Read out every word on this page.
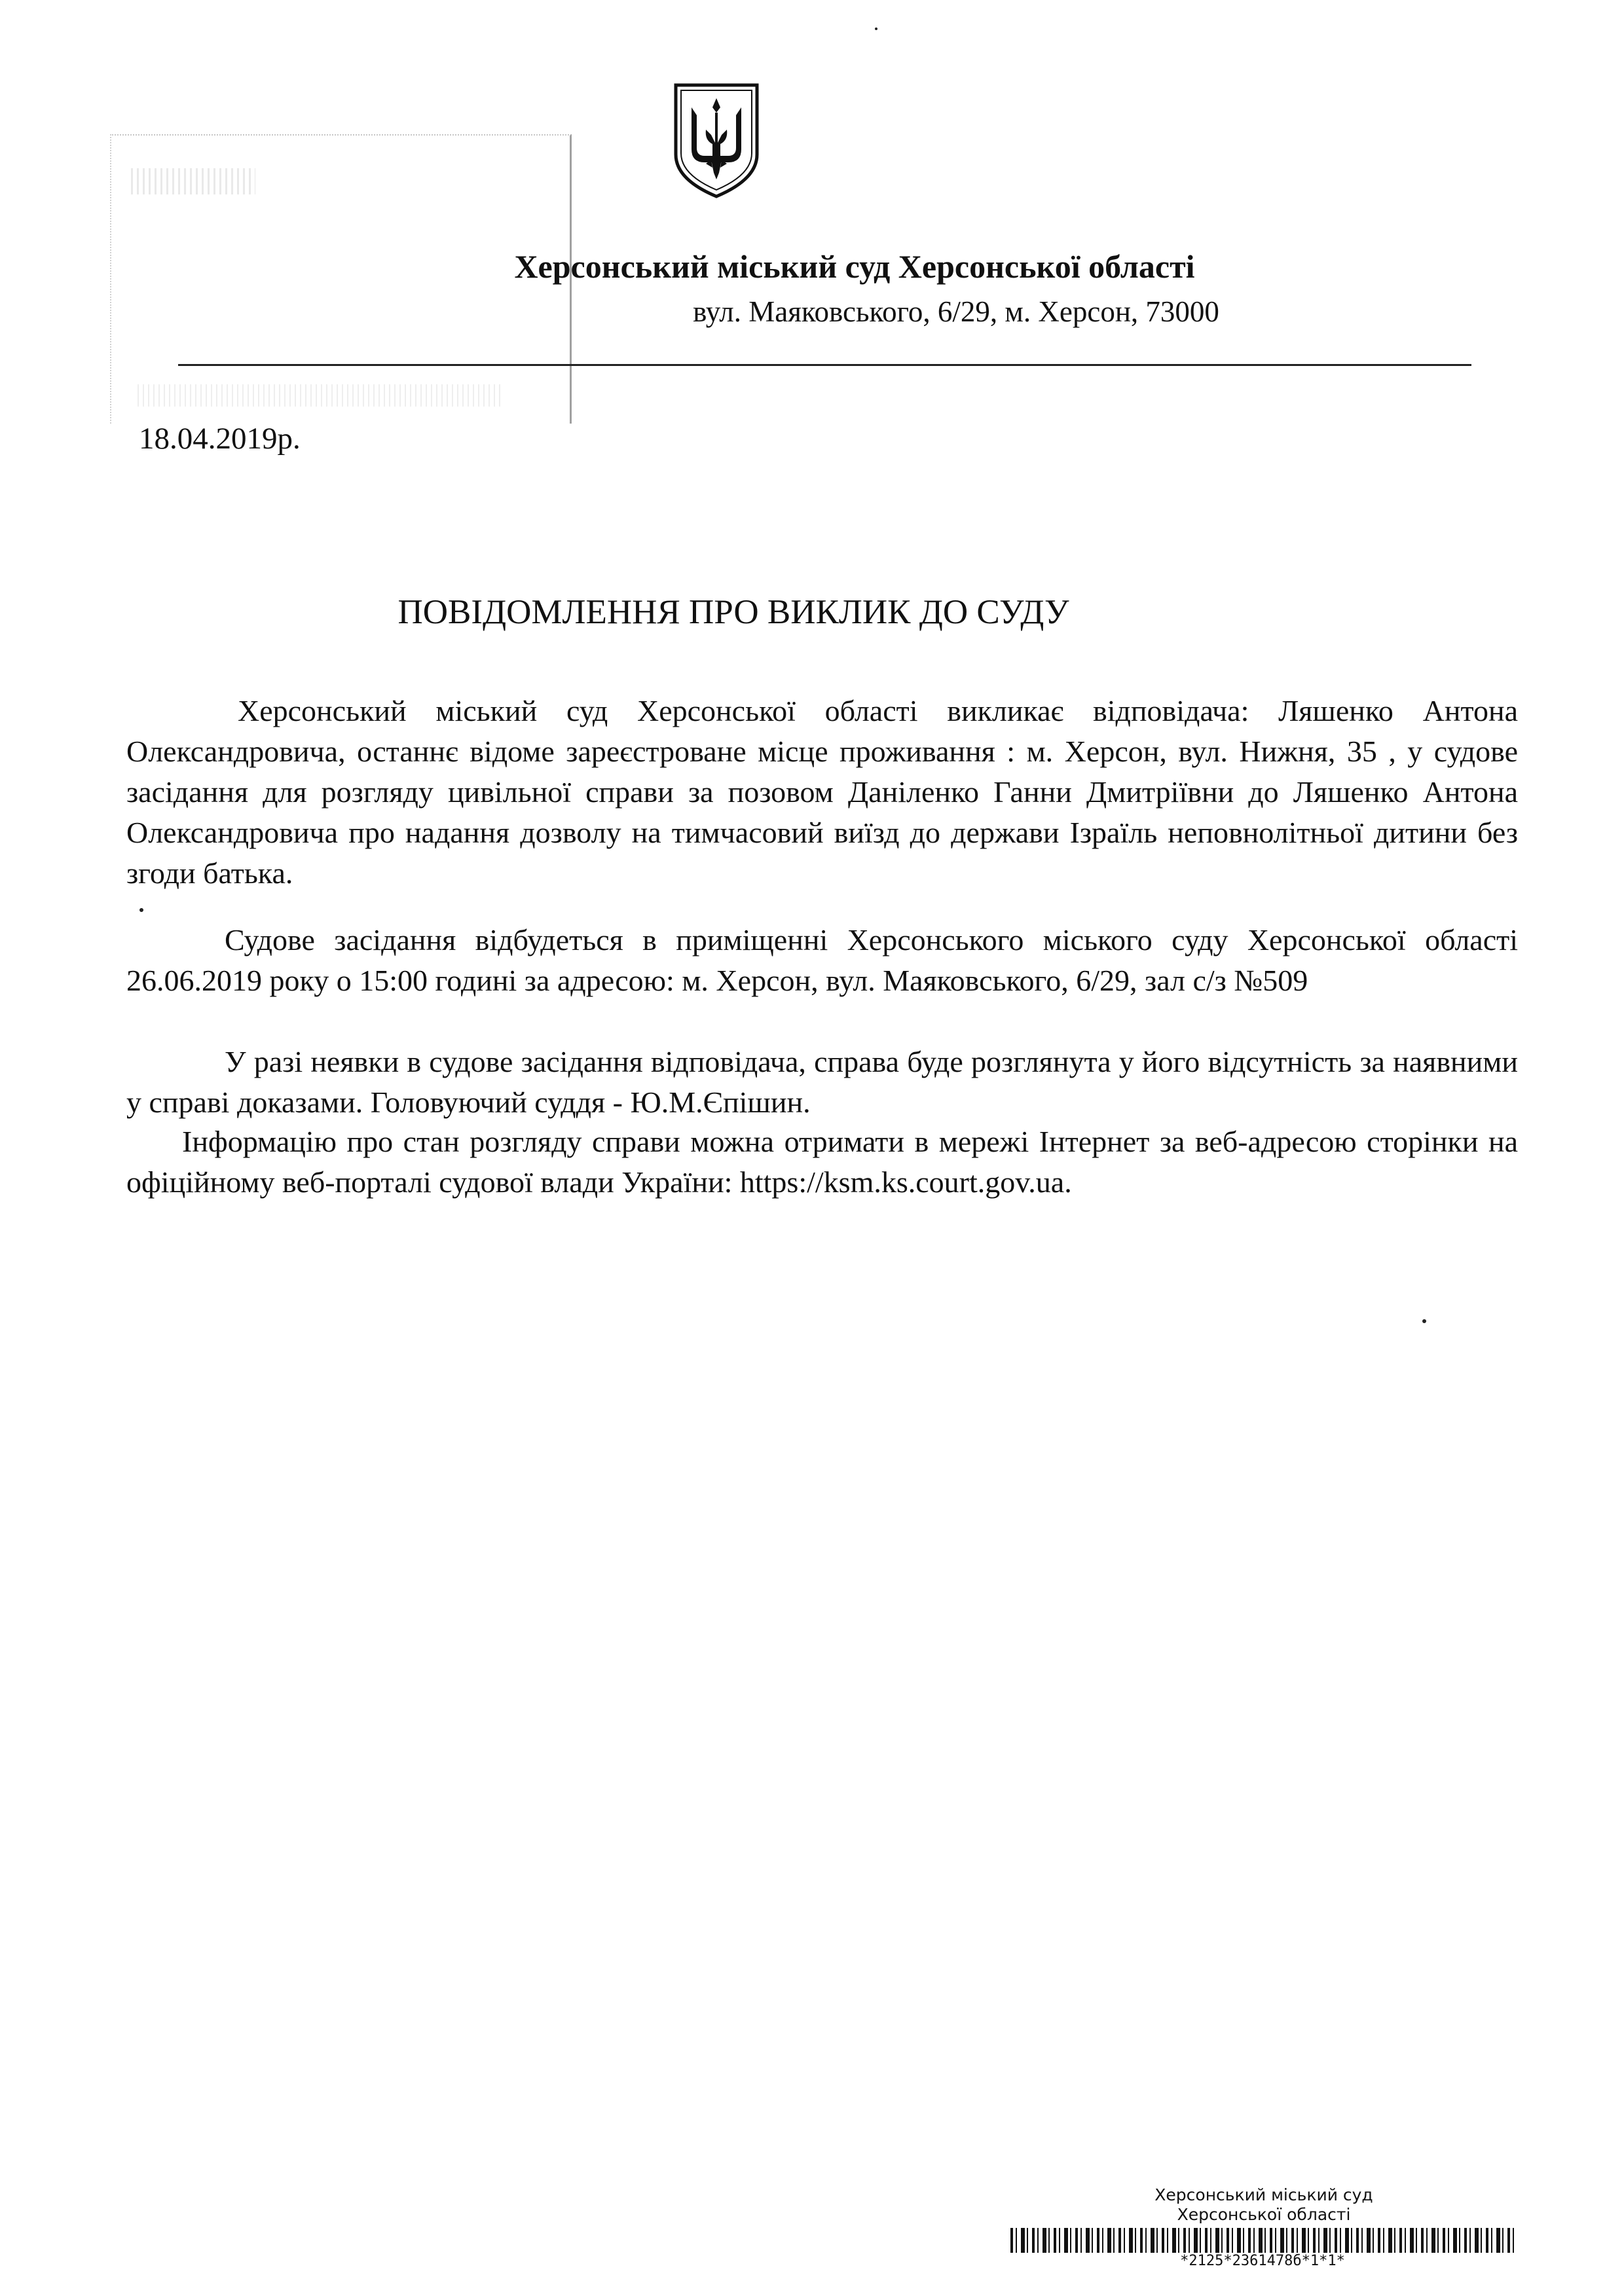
Херсонський міський суд Херсонської області
вул. Маяковського, 6/29, м. Херсон, 73000
18.04.2019р.
ПОВІДОМЛЕННЯ ПРО ВИКЛИК ДО СУДУ
Херсонський міський суд Херсонської області викликає відповідача: Ляшенко Антона Олександровича, останнє відоме зареєстроване місце проживання : м. Херсон, вул. Нижня, 35 , у судове засідання для розгляду цивільної справи за позовом Даніленко Ганни Дмитріївни до Ляшенко Антона Олександровича про надання дозволу на тимчасовий виїзд до держави Ізраїль неповнолітньої дитини без згоди батька.
Судове засідання відбудеться в приміщенні Херсонського міського суду Херсонської області 26.06.2019 року о 15:00 годині за адресою: м. Херсон, вул. Маяковського, 6/29, зал с/з №509
У разі неявки в судове засідання відповідача, справа буде розглянута у його відсутність за наявними у справі доказами. Головуючий суддя - Ю.М.Єпішин.
Інформацію про стан розгляду справи можна отримати в мережі Інтернет за веб-адресою сторінки на офіційному веб-порталі судової влади України: https://ksm.ks.court.gov.ua.
Херсонський міський суд
Херсонської області
*2125*2361478б*1*1*
